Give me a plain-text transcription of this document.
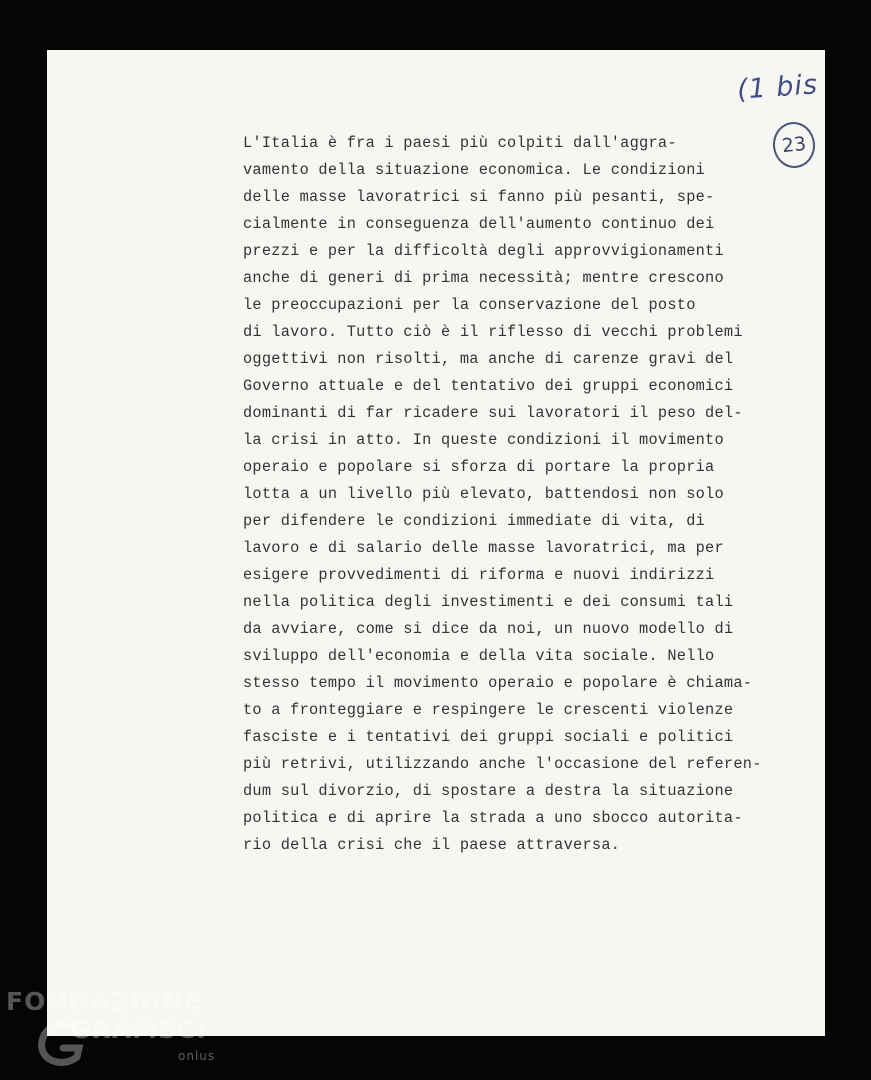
(1 bis
23
L'Italia è fra i paesi più colpiti dall'aggra-
vamento della situazione economica. Le condizioni
delle masse lavoratrici si fanno più pesanti, spe-
cialmente in conseguenza dell'aumento continuo dei
prezzi e per la difficoltà degli approvvigionamenti
anche di generi di prima necessità; mentre crescono
le preoccupazioni per la conservazione del posto
di lavoro. Tutto ciò è il riflesso di vecchi problemi
oggettivi non risolti, ma anche di carenze gravi del
Governo attuale e del tentativo dei gruppi economici
dominanti di far ricadere sui lavoratori il peso del-
la crisi in atto. In queste condizioni il movimento
operaio e popolare si sforza di portare la propria
lotta a un livello più elevato, battendosi non solo
per difendere le condizioni immediate di vita, di
lavoro e di salario delle masse lavoratrici, ma per
esigere provvedimenti di riforma e nuovi indirizzi
nella politica degli investimenti e dei consumi tali
da avviare, come si dice da noi, un nuovo modello di
sviluppo dell'economia e della vita sociale. Nello
stesso tempo il movimento operaio e popolare è chiama-
to a fronteggiare e respingere le crescenti violenze
fasciste e i tentativi dei gruppi sociali e politici
più retrivi, utilizzando anche l'occasione del referen-
dum sul divorzio, di spostare a destra la situazione
politica e di aprire la strada a uno sbocco autorita-
rio della crisi che il paese attraversa.
FONDAZIONE
GRAMSCI
onlus
